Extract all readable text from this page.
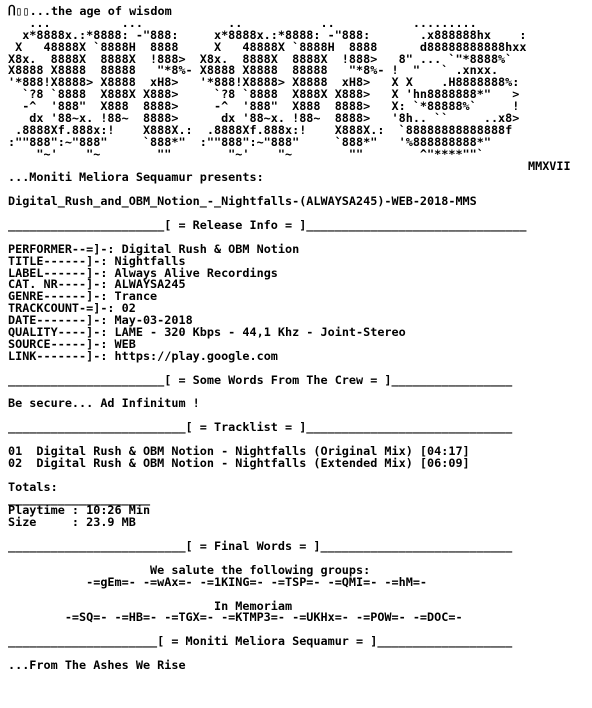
Ⴖ▯▯...the age of wisdom
...          ...            ..           ..           .........
x*8888x.:*8888: -"888:     x*8888x.:*8888: -"888:       .x888888hx    :
X   48888X `8888H  8888     X   48888X `8888H  8888      d88888888888hxx
X8x.  8888X  8888X  !888>  X8x.  8888X  8888X  !888>   8" ... `"*8888%`
X8888 X8888  88888   "*8%- X8888 X8888  88888   "*8%- !  "   ` .xnxx.
'*888!X8888> X8888  xH8>   '*888!X8888> X8888  xH8>   X X    .H8888888%:
`?8 `8888  X888X X888>     `?8 `8888  X888X X888>   X 'hn8888888*"   >
-^  '888"  X888  8888>     -^  '888"  X888  8888>   X: `*88888%`     !
dx '88~x. !88~  8888>      dx '88~x. !88~  8888>   '8h.. ``     ..x8>
.8888Xf.888x:!    X888X.:  .8888Xf.888x:!    X888X.:  `88888888888888f
:""888":~"888"     `888*"  :""888":~"888"     `888*"   '%888888888*"
"~'    "~        ""        "~'    "~        ""        ^"****""`
MMXVII
...Moniti Meliora Sequamur presents:
Digital_Rush_and_OBM_Notion_-_Nightfalls-(ALWAYSA245)-WEB-2018-MMS
______________________[ = Release Info = ]_______________________________
PERFORMER--=]-: Digital Rush & OBM Notion
TITLE------]-: Nightfalls
LABEL------]-: Always Alive Recordings
CAT. NR----]-: ALWAYSA245
GENRE------]-: Trance
TRACKCOUNT-=]-: 02
DATE-------]-: May-03-2018
QUALITY----]-: LAME - 320 Kbps - 44,1 Khz - Joint-Stereo
SOURCE-----]-: WEB
LINK-------]-: https://play.google.com
______________________[ = Some Words From The Crew = ]_________________
Be secure... Ad Infinitum !
_________________________[ = Tracklist = ]_____________________________
01  Digital Rush & OBM Notion - Nightfalls (Original Mix) [04:17]
02  Digital Rush & OBM Notion - Nightfalls (Extended Mix) [06:09]
Totals:
____________________
Playtime : 10:26 Min
Size     : 23.9 MB
_________________________[ = Final Words = ]___________________________
We salute the following groups:
-=gEm=- -=wAx=- -=1KING=- -=TSP=- -=QMI=- -=hM=-
In Memoriam
-=SQ=- -=HB=- -=TGX=- -=KTMP3=- -=UKHx=- -=POW=- -=DOC=-
_____________________[ = Moniti Meliora Sequamur = ]___________________
...From The Ashes We Rise
